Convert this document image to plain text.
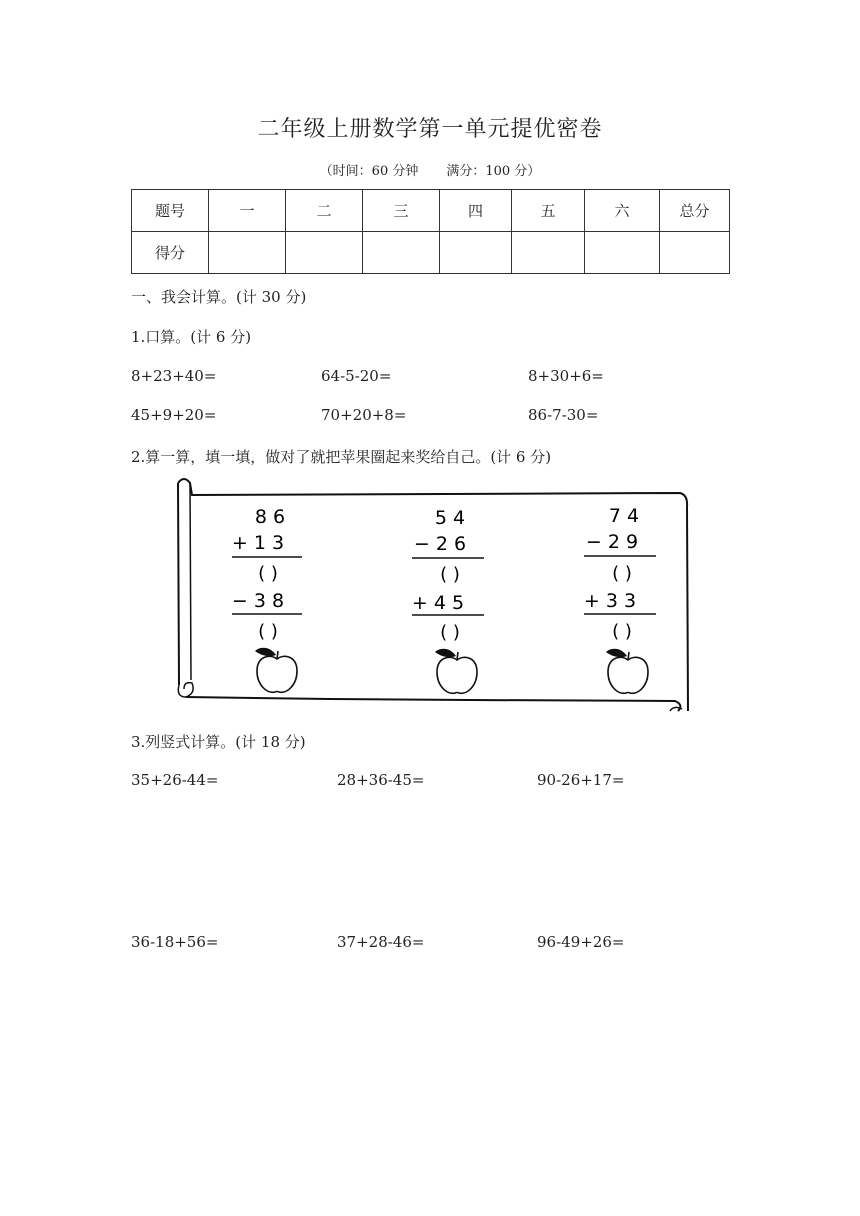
二年级上册数学第一单元提优密卷
（时间：60 分钟 满分：100 分）
题号	一	二	三	四	五	六	总分
得分							
一、我会计算。(计 30 分)
1.口算。(计 6 分)
8+23+40=	64-5-20=	8+30+6=
45+9+20=	70+20+8=	86-7-30=
2.算一算，填一填，做对了就把苹果圈起来奖给自己。(计 6 分)
8 6
+ 1 3
( )
− 3 8
( )
5 4
− 2 6
( )
+ 4 5
( )
7 4
− 2 9
( )
+ 3 3
( )
3.列竖式计算。(计 18 分)
35+26-44=	28+36-45=	90-26+17=
36-18+56=	37+28-46=	96-49+26=
